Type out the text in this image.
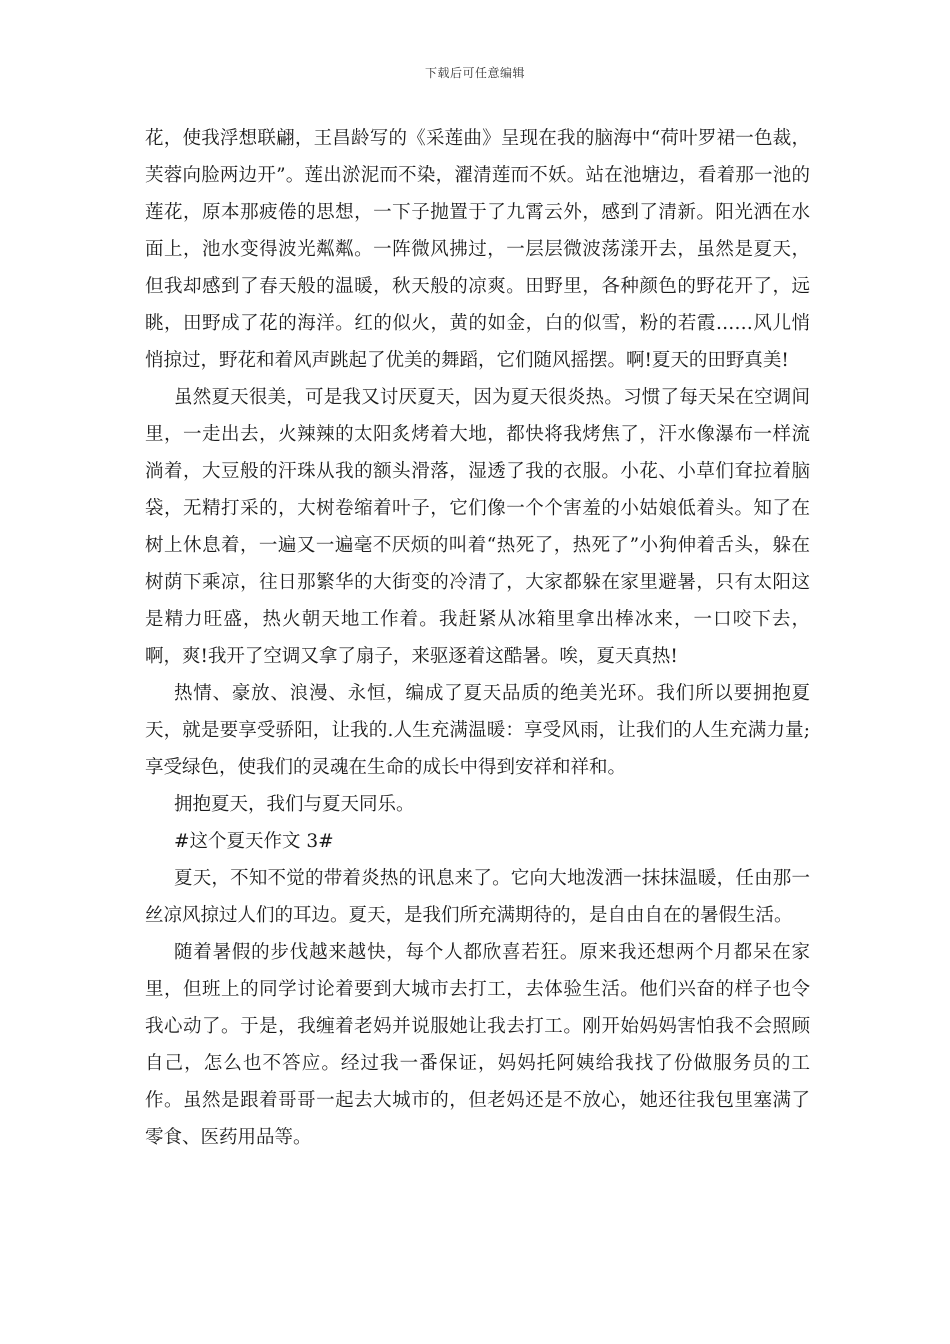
下载后可任意编辑

花，使我浮想联翩，王昌龄写的《采莲曲》呈现在我的脑海中“荷叶罗裙一色裁，芙蓉向脸两边开”。莲出淤泥而不染，濯清莲而不妖。站在池塘边，看着那一池的莲花，原本那疲倦的思想，一下子抛置于了九霄云外，感到了清新。阳光洒在水面上，池水变得波光粼粼。一阵微风拂过，一层层微波荡漾开去，虽然是夏天，但我却感到了春天般的温暖，秋天般的凉爽。田野里，各种颜色的野花开了，远眺，田野成了花的海洋。红的似火，黄的如金，白的似雪，粉的若霞……风儿悄悄掠过，野花和着风声跳起了优美的舞蹈，它们随风摇摆。啊!夏天的田野真美!

虽然夏天很美，可是我又讨厌夏天，因为夏天很炎热。习惯了每天呆在空调间里，一走出去，火辣辣的太阳炙烤着大地，都快将我烤焦了，汗水像瀑布一样流淌着，大豆般的汗珠从我的额头滑落，湿透了我的衣服。小花、小草们耷拉着脑袋，无精打采的，大树卷缩着叶子，它们像一个个害羞的小姑娘低着头。知了在树上休息着，一遍又一遍毫不厌烦的叫着“热死了，热死了”小狗伸着舌头，躲在树荫下乘凉，往日那繁华的大街变的冷清了，大家都躲在家里避暑，只有太阳这是精力旺盛，热火朝天地工作着。我赶紧从冰箱里拿出棒冰来，一口咬下去，啊，爽!我开了空调又拿了扇子，来驱逐着这酷暑。唉，夏天真热!

热情、豪放、浪漫、永恒，编成了夏天品质的绝美光环。我们所以要拥抱夏天，就是要享受骄阳，让我的.人生充满温暖：享受风雨，让我们的人生充满力量;享受绿色，使我们的灵魂在生命的成长中得到安祥和祥和。

拥抱夏天，我们与夏天同乐。

#这个夏天作文 3#

夏天，不知不觉的带着炎热的讯息来了。它向大地泼洒一抹抹温暖，任由那一丝凉风掠过人们的耳边。夏天，是我们所充满期待的，是自由自在的暑假生活。

随着暑假的步伐越来越快，每个人都欣喜若狂。原来我还想两个月都呆在家里，但班上的同学讨论着要到大城市去打工，去体验生活。他们兴奋的样子也令我心动了。于是，我缠着老妈并说服她让我去打工。刚开始妈妈害怕我不会照顾自己，怎么也不答应。经过我一番保证，妈妈托阿姨给我找了份做服务员的工作。虽然是跟着哥哥一起去大城市的，但老妈还是不放心，她还往我包里塞满了零食、医药用品等。
